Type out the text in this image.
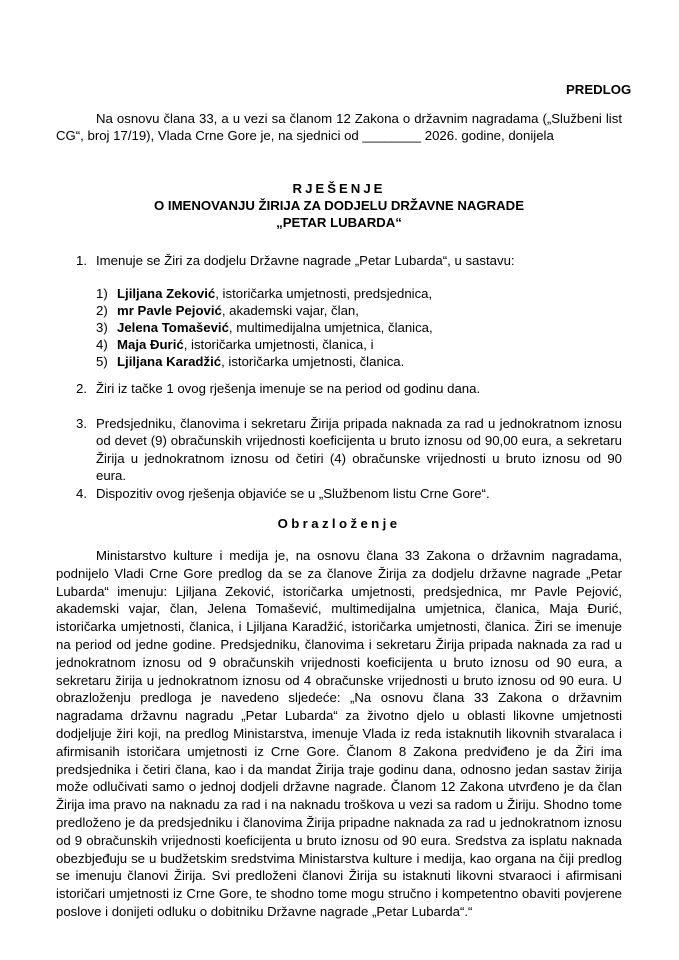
PREDLOG
Na osnovu člana 33, a u vezi sa članom 12 Zakona o državnim nagradama („Službeni list CG“, broj 17/19), Vlada Crne Gore je, na sjednici od ________ 2026. godine, donijela
RJEŠENJE
O IMENOVANJU ŽIRIJA ZA DODJELU DRŽAVNE NAGRADE
„PETAR LUBARDA“
1. Imenuje se Žiri za dodjelu Državne nagrade „Petar Lubarda“, u sastavu:
1) Ljiljana Zeković, istoričarka umjetnosti, predsjednica,
2) mr Pavle Pejović, akademski vajar, član,
3) Jelena Tomašević, multimedijalna umjetnica, članica,
4) Maja Đurić, istoričarka umjetnosti, članica, i
5) Ljiljana Karadžić, istoričarka umjetnosti, članica.
2. Žiri iz tačke 1 ovog rješenja imenuje se na period od godinu dana.
3. Predsjedniku, članovima i sekretaru Žirija pripada naknada za rad u jednokratnom iznosu od devet (9) obračunskih vrijednosti koeficijenta u bruto iznosu od 90,00 eura, a sekretaru Žirija u jednokratnom iznosu od četiri (4) obračunske vrijednosti u bruto iznosu od 90 eura.
4. Dispozitiv ovog rješenja objaviće se u „Službenom listu Crne Gore“.
Obrazloženje
Ministarstvo kulture i medija je, na osnovu člana 33 Zakona o državnim nagradama, podnijelo Vladi Crne Gore predlog da se za članove Žirija za dodjelu državne nagrade „Petar Lubarda“ imenuju: Ljiljana Zeković, istoričarka umjetnosti, predsjednica, mr Pavle Pejović, akademski vajar, član, Jelena Tomašević, multimedijalna umjetnica, članica, Maja Đurić, istoričarka umjetnosti, članica, i Ljiljana Karadžić, istoričarka umjetnosti, članica. Žiri se imenuje na period od jedne godine. Predsjedniku, članovima i sekretaru Žirija pripada naknada za rad u jednokratnom iznosu od 9 obračunskih vrijednosti koeficijenta u bruto iznosu od 90 eura, a sekretaru žirija u jednokratnom iznosu od 4 obračunske vrijednosti u bruto iznosu od 90 eura. U obrazloženju predloga je navedeno sljedeće: „Na osnovu člana 33 Zakona o državnim nagradama državnu nagradu „Petar Lubarda“ za životno djelo u oblasti likovne umjetnosti dodjeljuje žiri koji, na predlog Ministarstva, imenuje Vlada iz reda istaknutih likovnih stvaralaca i afirmisanih istoričara umjetnosti iz Crne Gore. Članom 8 Zakona predviđeno je da Žiri ima predsjednika i četiri člana, kao i da mandat Žirija traje godinu dana, odnosno jedan sastav žirija može odlučivati samo o jednoj dodjeli državne nagrade. Članom 12 Zakona utvrđeno je da član Žirija ima pravo na naknadu za rad i na naknadu troškova u vezi sa radom u Žiriju. Shodno tome predloženo je da predsjedniku i članovima Žirija pripadne naknada za rad u jednokratnom iznosu od 9 obračunskih vrijednosti koeficijenta u bruto iznosu od 90 eura. Sredstva za isplatu naknada obezbjeđuju se u budžetskim sredstvima Ministarstva kulture i medija, kao organa na čiji predlog se imenuju članovi Žirija. Svi predloženi članovi Žirija su istaknuti likovni stvaraoci i afirmisani istoričari umjetnosti iz Crne Gore, te shodno tome mogu stručno i kompetentno obaviti povjerene poslove i donijeti odluku o dobitniku Državne nagrade „Petar Lubarda“.“
